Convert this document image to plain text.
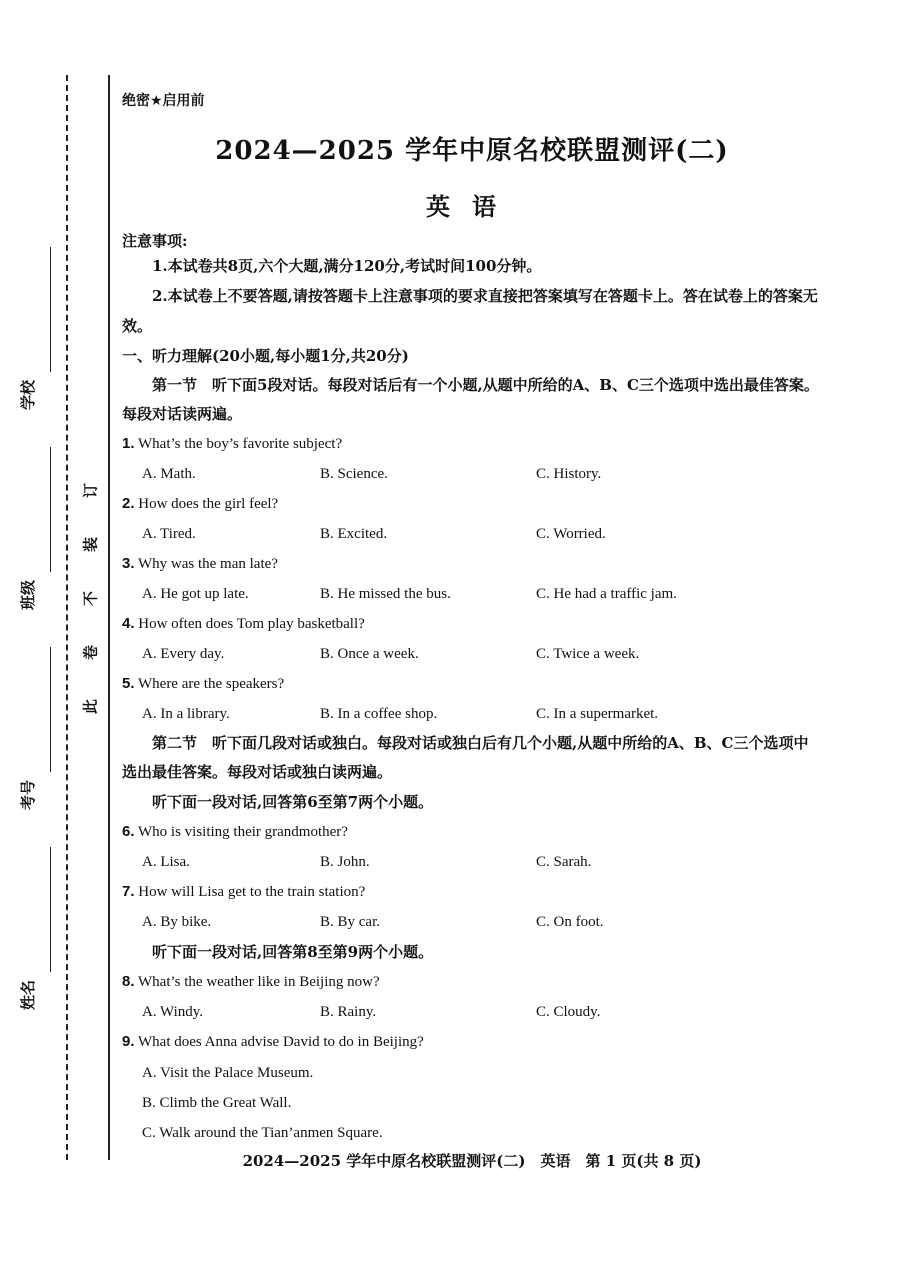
学校
班级
考号
姓名
订
装
不
卷
此
绝密★启用前
2024—2025 学年中原名校联盟测评(二)
英语
注意事项:
1.本试卷共8页,六个大题,满分120分,考试时间100分钟。
2.本试卷上不要答题,请按答题卡上注意事项的要求直接把答案填写在答题卡上。答在试卷上的答案无效。
一、听力理解(20小题,每小题1分,共20分)
第一节　听下面5段对话。每段对话后有一个小题,从题中所给的A、B、C三个选项中选出最佳答案。每段对话读两遍。
1. What’s the boy’s favorite subject?
A. Math.	B. Science.	C. History.
2. How does the girl feel?
A. Tired.	B. Excited.	C. Worried.
3. Why was the man late?
A. He got up late.	B. He missed the bus.	C. He had a traffic jam.
4. How often does Tom play basketball?
A. Every day.	B. Once a week.	C. Twice a week.
5. Where are the speakers?
A. In a library.	B. In a coffee shop.	C. In a supermarket.
第二节　听下面几段对话或独白。每段对话或独白后有几个小题,从题中所给的A、B、C三个选项中选出最佳答案。每段对话或独白读两遍。
听下面一段对话,回答第6至第7两个小题。
6. Who is visiting their grandmother?
A. Lisa.	B. John.	C. Sarah.
7. How will Lisa get to the train station?
A. By bike.	B. By car.	C. On foot.
听下面一段对话,回答第8至第9两个小题。
8. What’s the weather like in Beijing now?
A. Windy.	B. Rainy.	C. Cloudy.
9. What does Anna advise David to do in Beijing?
A. Visit the Palace Museum.
B. Climb the Great Wall.
C. Walk around the Tian’anmen Square.
2024—2025 学年中原名校联盟测评(二)　英语　第 1 页(共 8 页)
